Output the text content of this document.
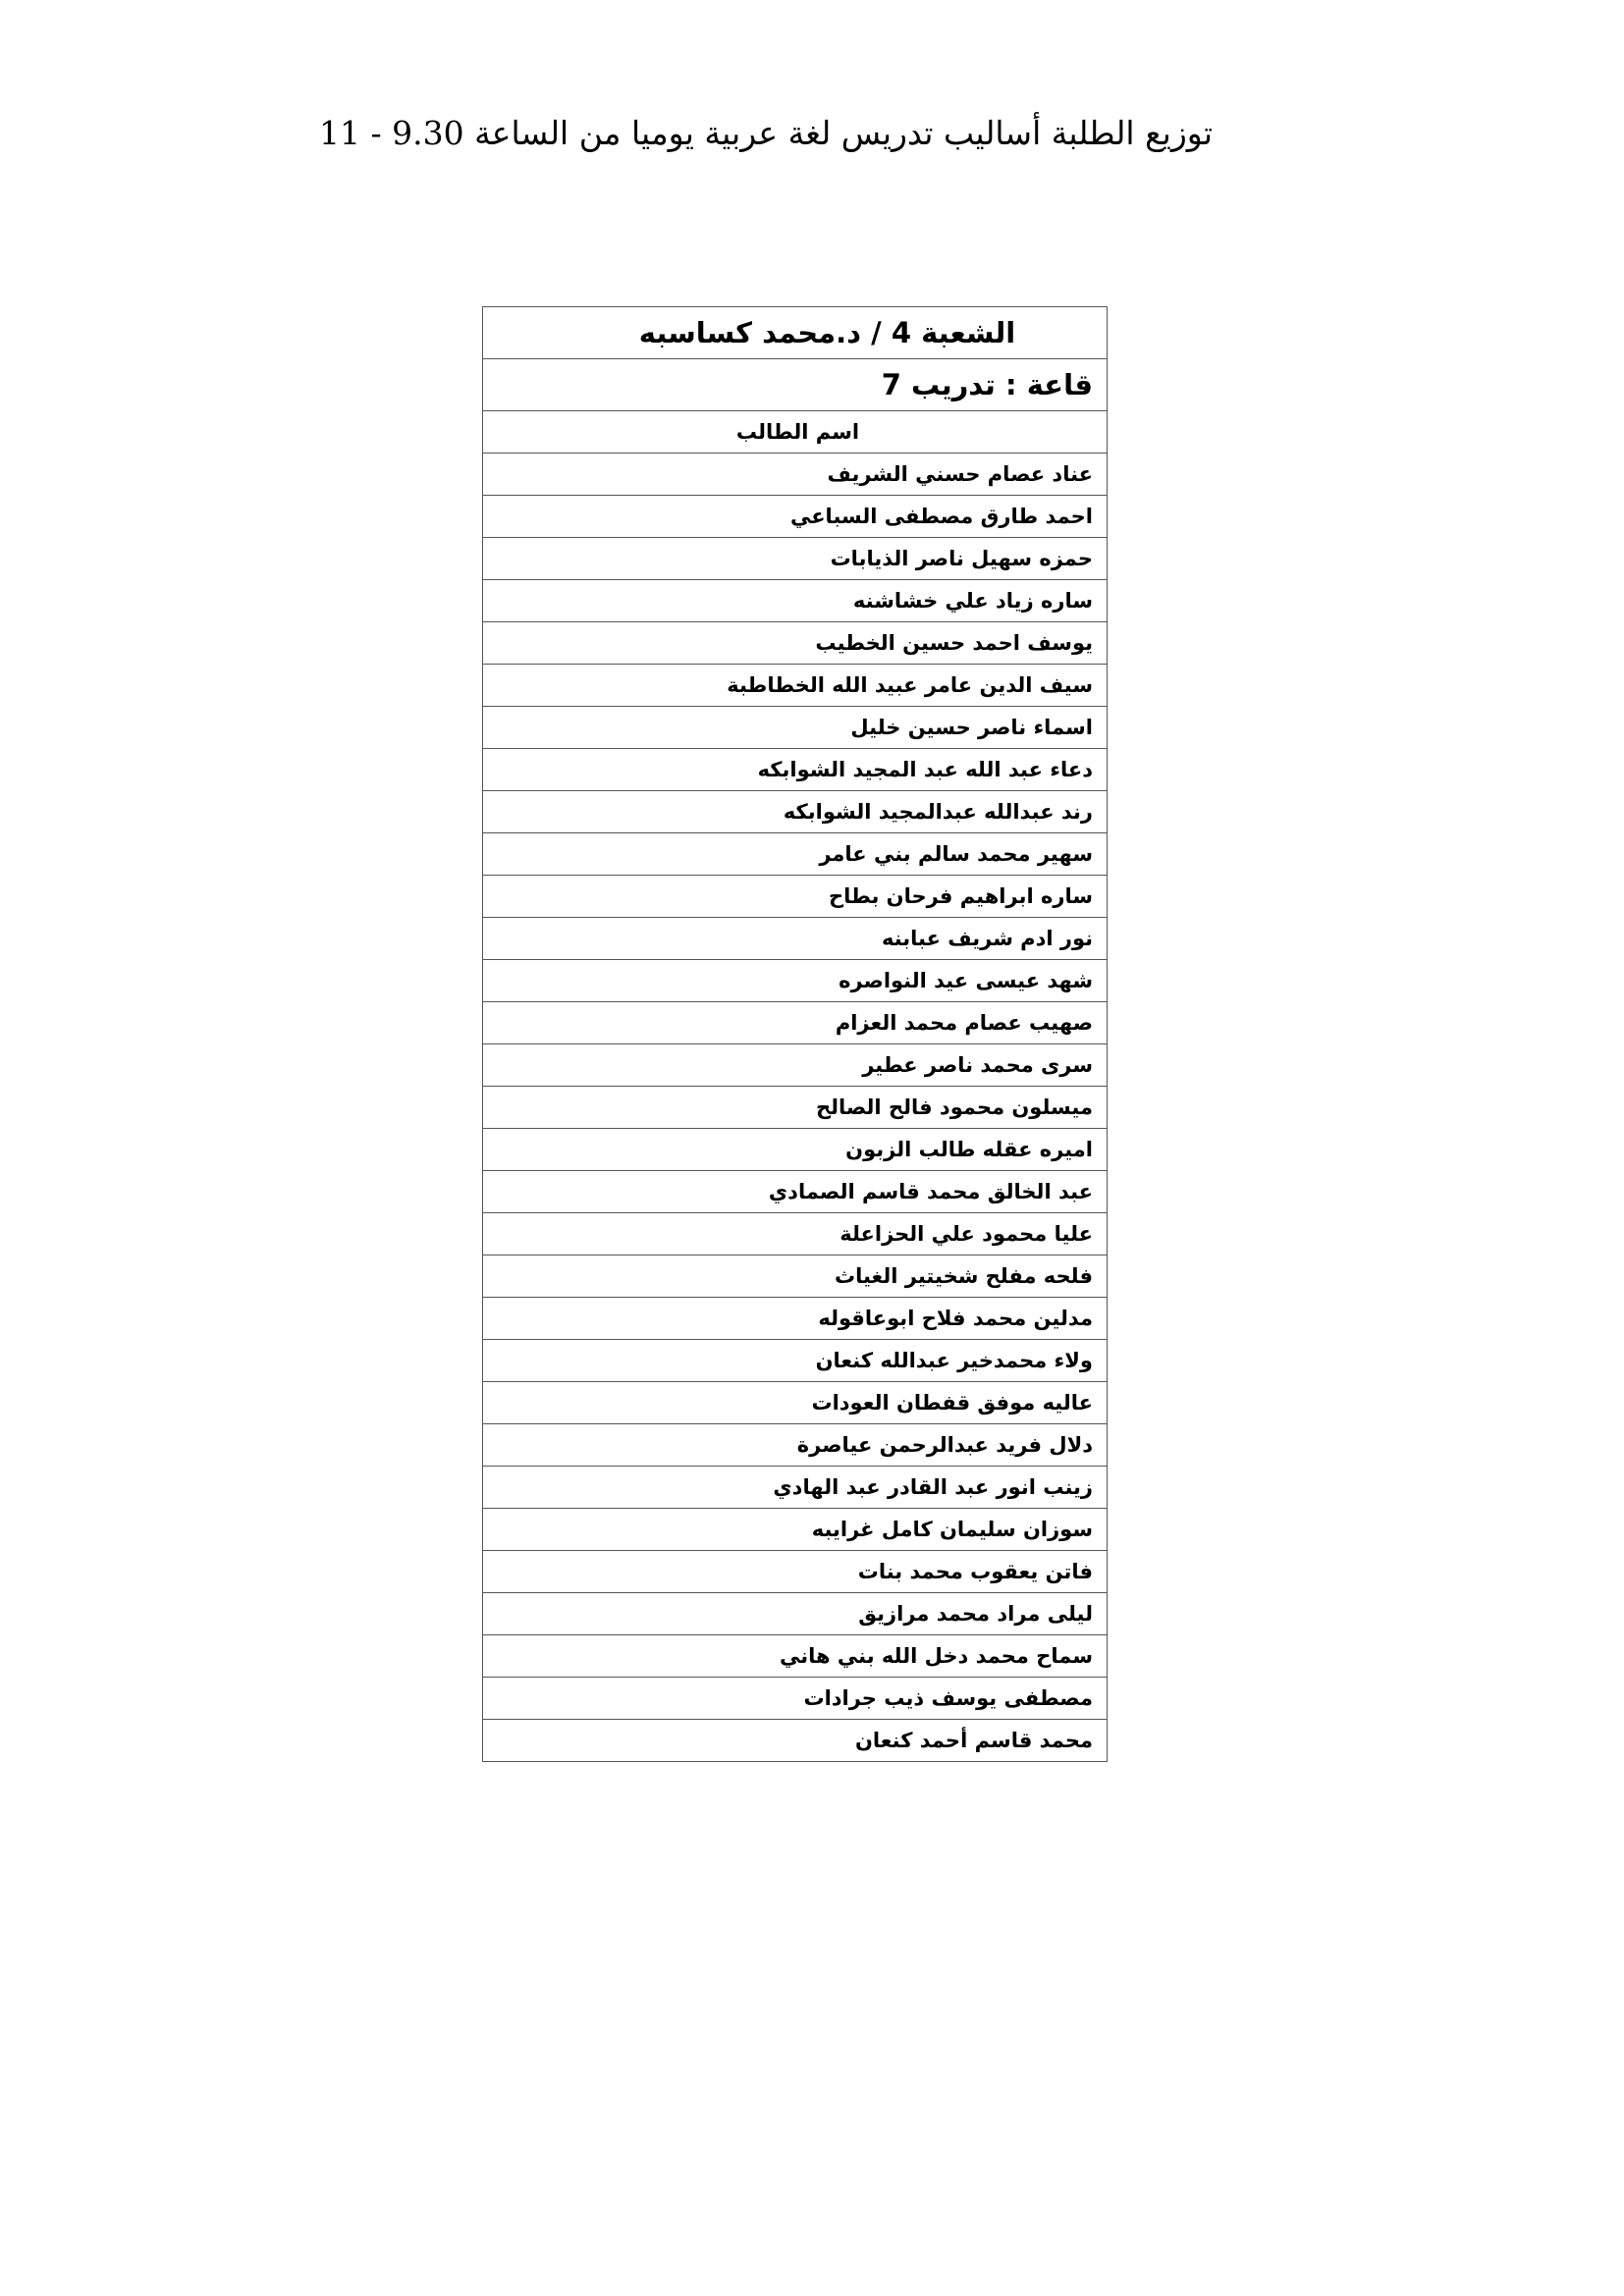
توزيع الطلبة أساليب تدريس لغة عربية يوميا من الساعة 9.30 - 11
الشعبة 4 / د.محمد كساسبه
قاعة : تدريب 7
اسم الطالب
عناد عصام حسني الشريف
احمد طارق مصطفى السباعي
حمزه سهيل ناصر الذيابات
ساره زياد علي خشاشنه
يوسف احمد حسين الخطيب
سيف الدين عامر عبيد الله الخطاطبة
اسماء ناصر حسين خليل
دعاء عبد الله عبد المجيد الشوابكه
رند عبدالله عبدالمجيد الشوابكه
سهير محمد سالم بني عامر
ساره ابراهيم فرحان بطاح
نور ادم شريف عبابنه
شهد عيسى عيد النواصره
صهيب عصام محمد العزام
سرى محمد ناصر عطير
ميسلون محمود فالح الصالح
اميره عقله طالب الزبون
عبد الخالق محمد قاسم الصمادي
عليا محمود علي الحزاعلة
فلحه مفلح شخيتير الغياث
مدلين محمد فلاح ابوعاقوله
ولاء محمدخير عبدالله كنعان
عاليه موفق قفطان العودات
دلال فريد عبدالرحمن عياصرة
زينب انور عبد القادر عبد الهادي
سوزان سليمان كامل غرايبه
فاتن يعقوب محمد بنات
ليلى مراد محمد مرازيق
سماح محمد دخل الله بني هاني
مصطفى يوسف ذيب جرادات
محمد قاسم أحمد كنعان
